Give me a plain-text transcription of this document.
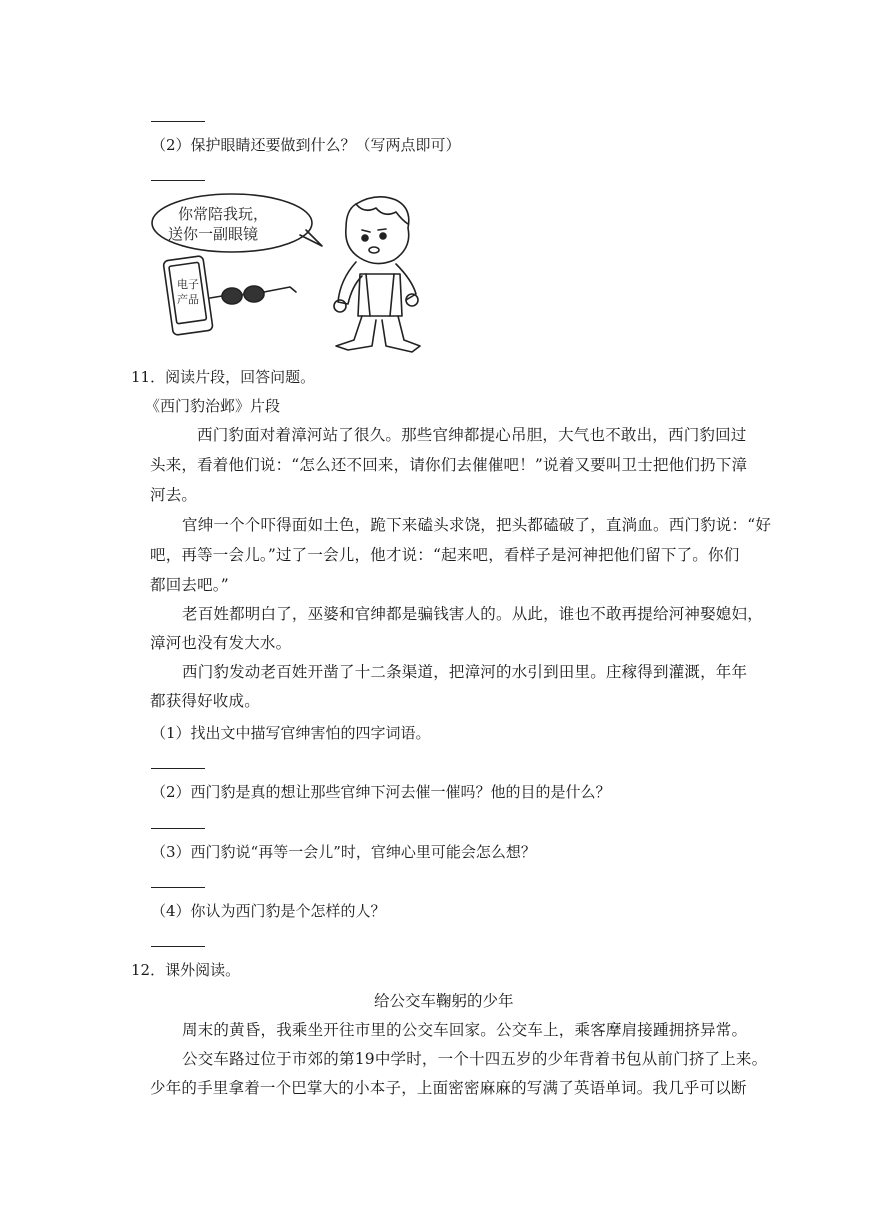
（2）保护眼睛还要做到什么？（写两点即可）
你常陪我玩，
送你一副眼镜
电子
产品
11．阅读片段，回答问题。
《西门豹治邺》片段
西门豹面对着漳河站了很久。那些官绅都提心吊胆，大气也不敢出，西门豹回过
头来，看着他们说：“怎么还不回来，请你们去催催吧！”说着又要叫卫士把他们扔下漳
河去。
官绅一个个吓得面如土色，跪下来磕头求饶，把头都磕破了，直淌血。西门豹说：“好
吧，再等一会儿。”过了一会儿，他才说：“起来吧，看样子是河神把他们留下了。你们
都回去吧。”
老百姓都明白了，巫婆和官绅都是骗钱害人的。从此，谁也不敢再提给河神娶媳妇，
漳河也没有发大水。
西门豹发动老百姓开凿了十二条渠道，把漳河的水引到田里。庄稼得到灌溉，年年
都获得好收成。
（1）找出文中描写官绅害怕的四字词语。
（2）西门豹是真的想让那些官绅下河去催一催吗？他的目的是什么？
（3）西门豹说“再等一会儿”时，官绅心里可能会怎么想？
（4）你认为西门豹是个怎样的人？
12．课外阅读。
给公交车鞠躬的少年
周末的黄昏，我乘坐开往市里的公交车回家。公交车上，乘客摩肩接踵拥挤异常。
公交车路过位于市郊的第19中学时，一个十四五岁的少年背着书包从前门挤了上来。
少年的手里拿着一个巴掌大的小本子，上面密密麻麻的写满了英语单词。我几乎可以断
